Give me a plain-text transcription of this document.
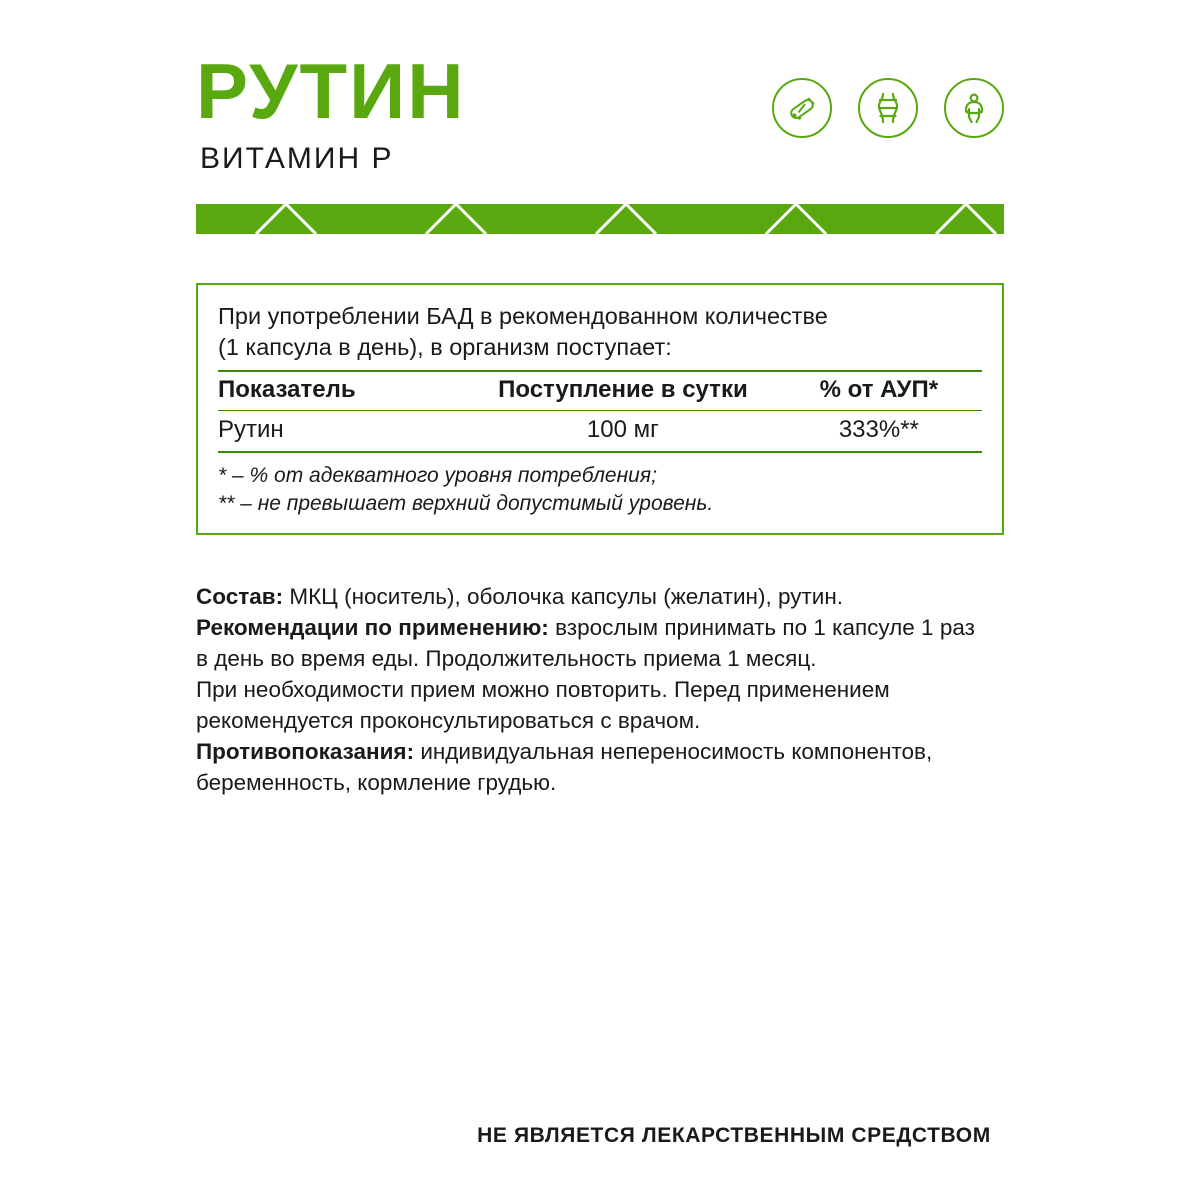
РУТИН
ВИТАМИН Р

При употреблении БАД в рекомендованном количестве
(1 капсула в день), в организм поступает:

Показатель	Поступление в сутки	% от АУП*
Рутин	100 мг	333%**
* – % от адекватного уровня потребления;
** – не превышает верхний допустимый уровень.

Состав: МКЦ (носитель), оболочка капсулы (желатин), рутин.

Рекомендации по применению: взрослым принимать по 1 капсуле 1 раз
в день во время еды. Продолжительность приема 1 месяц.
При необходимости прием можно повторить. Перед применением
рекомендуется проконсультироваться с врачом.

Противопоказания: индивидуальная непереносимость компонентов,
беременность, кормление грудью.

НЕ ЯВЛЯЕТСЯ ЛЕКАРСТВЕННЫМ СРЕДСТВОМ
